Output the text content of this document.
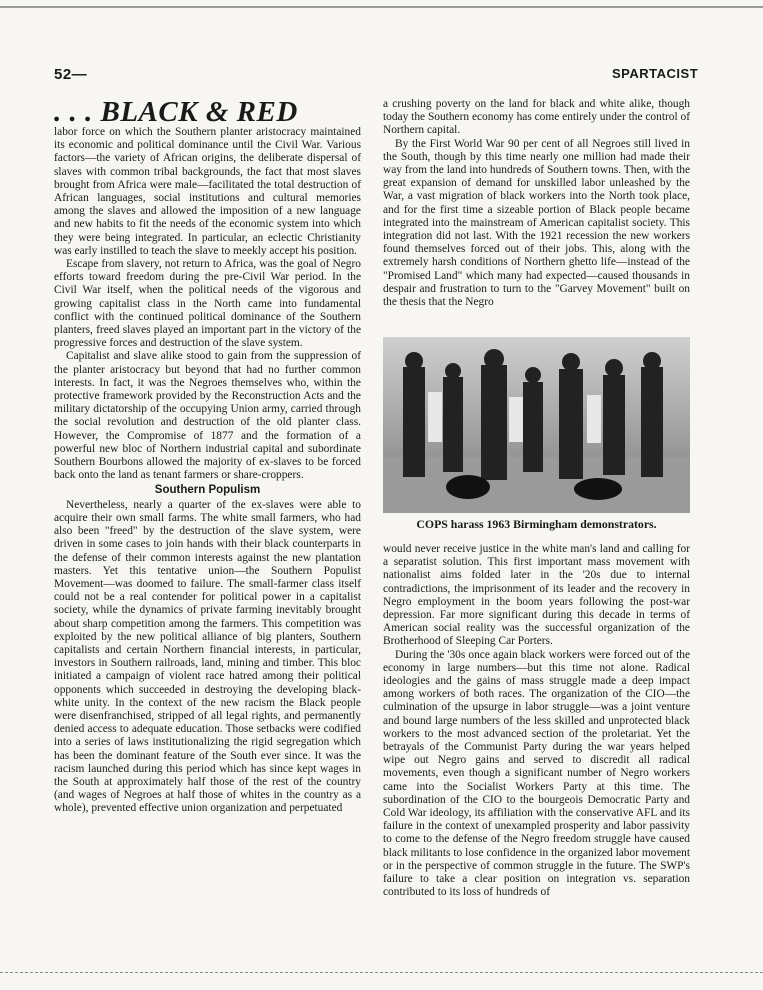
52—	SPARTACIST
. . . BLACK & RED

labor force on which the Southern planter aristocracy maintained its economic and political dominance until the Civil War. Various factors—the variety of African origins, the deliberate dispersal of slaves with common tribal backgrounds, the fact that most slaves brought from Africa were male—facilitated the total destruction of African languages, social institutions and cultural memories among the slaves and allowed the imposition of a new language and new habits to fit the needs of the economic system into which they were being integrated. In particular, an eclectic Christianity was early instilled to teach the slave to meekly accept his position.

Escape from slavery, not return to Africa, was the goal of Negro efforts toward freedom during the pre-Civil War period. In the Civil War itself, when the political needs of the vigorous and growing capitalist class in the North came into fundamental conflict with the continued political dominance of the Southern planters, freed slaves played an important part in the victory of the progressive forces and destruction of the slave system.

Capitalist and slave alike stood to gain from the suppression of the planter aristocracy but beyond that had no further common interests. In fact, it was the Negroes themselves who, within the protective framework provided by the Reconstruction Acts and the military dictatorship of the occupying Union army, carried through the social revolution and destruction of the old planter class. However, the Compromise of 1877 and the formation of a powerful new bloc of Northern industrial capital and subordinate Southern Bourbons allowed the majority of ex-slaves to be forced back onto the land as tenant farmers or share-croppers.

Southern Populism

Nevertheless, nearly a quarter of the ex-slaves were able to acquire their own small farms. The white small farmers, who had also been "freed" by the destruction of the slave system, were driven in some cases to join hands with their black counterparts in the defense of their common interests against the new plantation masters. Yet this tentative union—the Southern Populist Movement—was doomed to failure. The small-farmer class itself could not be a real contender for political power in a capitalist society, while the dynamics of private farming inevitably brought about sharp competition among the farmers. This competition was exploited by the new political alliance of big planters, Southern capitalists and certain Northern financial interests, in particular, investors in Southern railroads, land, mining and timber. This bloc initiated a campaign of violent race hatred among their political opponents which succeeded in destroying the developing black-white unity. In the context of the new racism the Black people were disenfranchised, stripped of all legal rights, and permanently denied access to adequate education. Those setbacks were codified into a series of laws institutionalizing the rigid segregation which has been the dominant feature of the South ever since. It was the racism launched during this period which has since kept wages in the South at approximately half those of the rest of the country (and wages of Negroes at half those of whites in the country as a whole), prevented effective union organization and perpetuated

a crushing poverty on the land for black and white alike, though today the Southern economy has come entirely under the control of Northern capital.

By the First World War 90 per cent of all Negroes still lived in the South, though by this time nearly one million had made their way from the land into hundreds of Southern towns. Then, with the great expansion of demand for unskilled labor unleashed by the War, a vast migration of black workers into the North took place, and for the first time a sizeable portion of Black people became integrated into the mainstream of American capitalist society. This integration did not last. With the 1921 recession the new workers found themselves forced out of their jobs. This, along with the extremely harsh conditions of Northern ghetto life—instead of the "Promised Land" which many had expected—caused thousands in despair and frustration to turn to the "Garvey Movement" built on the thesis that the Negro

COPS harass 1963 Birmingham demonstrators.

would never receive justice in the white man's land and calling for a separatist solution. This first important mass movement with nationalist aims folded later in the '20s due to internal contradictions, the imprisonment of its leader and the recovery in Negro employment in the boom years following the post-war depression. Far more significant during this decade in terms of American social reality was the successful organization of the Brotherhood of Sleeping Car Porters.

During the '30s once again black workers were forced out of the economy in large numbers—but this time not alone. Radical ideologies and the gains of mass struggle made a deep impact among workers of both races. The organization of the CIO—the culmination of the upsurge in labor struggle—was a joint venture and bound large numbers of the less skilled and unprotected black workers to the most advanced section of the proletariat. Yet the betrayals of the Communist Party during the war years helped wipe out Negro gains and served to discredit all radical movements, even though a significant number of Negro workers came into the Socialist Workers Party at this time. The subordination of the CIO to the bourgeois Democratic Party and Cold War ideology, its affiliation with the conservative AFL and its failure in the context of unexampled prosperity and labor passivity to come to the defense of the Negro freedom struggle have caused black militants to lose confidence in the organized labor movement or in the perspective of common struggle in the future. The SWP's failure to take a clear position on integration vs. separation contributed to its loss of hundreds of
